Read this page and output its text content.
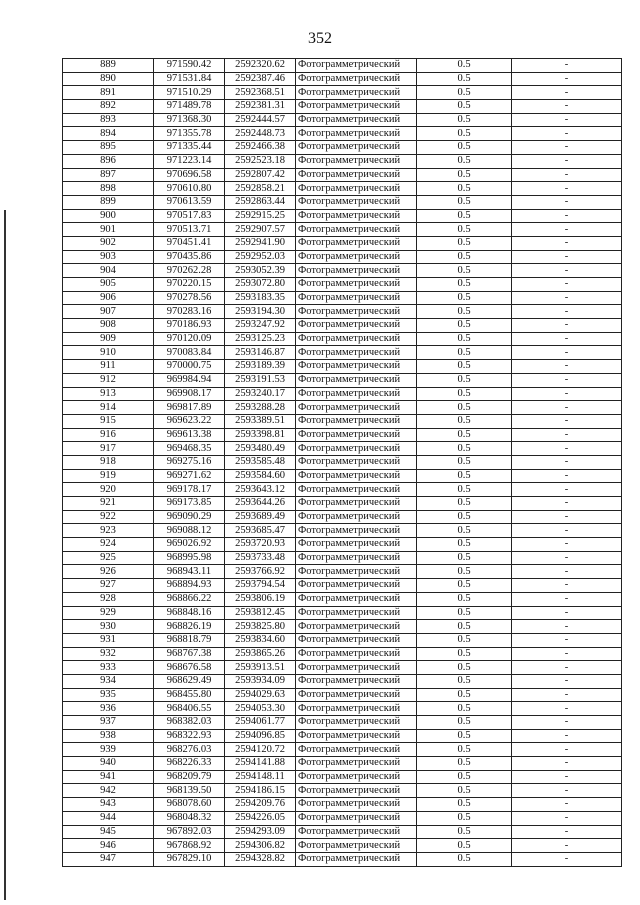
352
889	971590.42	2592320.62	Фотограмметрический	0.5	-
890	971531.84	2592387.46	Фотограмметрический	0.5	-
891	971510.29	2592368.51	Фотограмметрический	0.5	-
892	971489.78	2592381.31	Фотограмметрический	0.5	-
893	971368.30	2592444.57	Фотограмметрический	0.5	-
894	971355.78	2592448.73	Фотограмметрический	0.5	-
895	971335.44	2592466.38	Фотограмметрический	0.5	-
896	971223.14	2592523.18	Фотограмметрический	0.5	-
897	970696.58	2592807.42	Фотограмметрический	0.5	-
898	970610.80	2592858.21	Фотограмметрический	0.5	-
899	970613.59	2592863.44	Фотограмметрический	0.5	-
900	970517.83	2592915.25	Фотограмметрический	0.5	-
901	970513.71	2592907.57	Фотограмметрический	0.5	-
902	970451.41	2592941.90	Фотограмметрический	0.5	-
903	970435.86	2592952.03	Фотограмметрический	0.5	-
904	970262.28	2593052.39	Фотограмметрический	0.5	-
905	970220.15	2593072.80	Фотограмметрический	0.5	-
906	970278.56	2593183.35	Фотограмметрический	0.5	-
907	970283.16	2593194.30	Фотограмметрический	0.5	-
908	970186.93	2593247.92	Фотограмметрический	0.5	-
909	970120.09	2593125.23	Фотограмметрический	0.5	-
910	970083.84	2593146.87	Фотограмметрический	0.5	-
911	970000.75	2593189.39	Фотограмметрический	0.5	-
912	969984.94	2593191.53	Фотограмметрический	0.5	-
913	969908.17	2593240.17	Фотограмметрический	0.5	-
914	969817.89	2593288.28	Фотограмметрический	0.5	-
915	969623.22	2593389.51	Фотограмметрический	0.5	-
916	969613.38	2593398.81	Фотограмметрический	0.5	-
917	969468.35	2593480.49	Фотограмметрический	0.5	-
918	969275.16	2593585.48	Фотограмметрический	0.5	-
919	969271.62	2593584.60	Фотограмметрический	0.5	-
920	969178.17	2593643.12	Фотограмметрический	0.5	-
921	969173.85	2593644.26	Фотограмметрический	0.5	-
922	969090.29	2593689.49	Фотограмметрический	0.5	-
923	969088.12	2593685.47	Фотограмметрический	0.5	-
924	969026.92	2593720.93	Фотограмметрический	0.5	-
925	968995.98	2593733.48	Фотограмметрический	0.5	-
926	968943.11	2593766.92	Фотограмметрический	0.5	-
927	968894.93	2593794.54	Фотограмметрический	0.5	-
928	968866.22	2593806.19	Фотограмметрический	0.5	-
929	968848.16	2593812.45	Фотограмметрический	0.5	-
930	968826.19	2593825.80	Фотограмметрический	0.5	-
931	968818.79	2593834.60	Фотограмметрический	0.5	-
932	968767.38	2593865.26	Фотограмметрический	0.5	-
933	968676.58	2593913.51	Фотограмметрический	0.5	-
934	968629.49	2593934.09	Фотограмметрический	0.5	-
935	968455.80	2594029.63	Фотограмметрический	0.5	-
936	968406.55	2594053.30	Фотограмметрический	0.5	-
937	968382.03	2594061.77	Фотограмметрический	0.5	-
938	968322.93	2594096.85	Фотограмметрический	0.5	-
939	968276.03	2594120.72	Фотограмметрический	0.5	-
940	968226.33	2594141.88	Фотограмметрический	0.5	-
941	968209.79	2594148.11	Фотограмметрический	0.5	-
942	968139.50	2594186.15	Фотограмметрический	0.5	-
943	968078.60	2594209.76	Фотограмметрический	0.5	-
944	968048.32	2594226.05	Фотограмметрический	0.5	-
945	967892.03	2594293.09	Фотограмметрический	0.5	-
946	967868.92	2594306.82	Фотограмметрический	0.5	-
947	967829.10	2594328.82	Фотограмметрический	0.5	-
